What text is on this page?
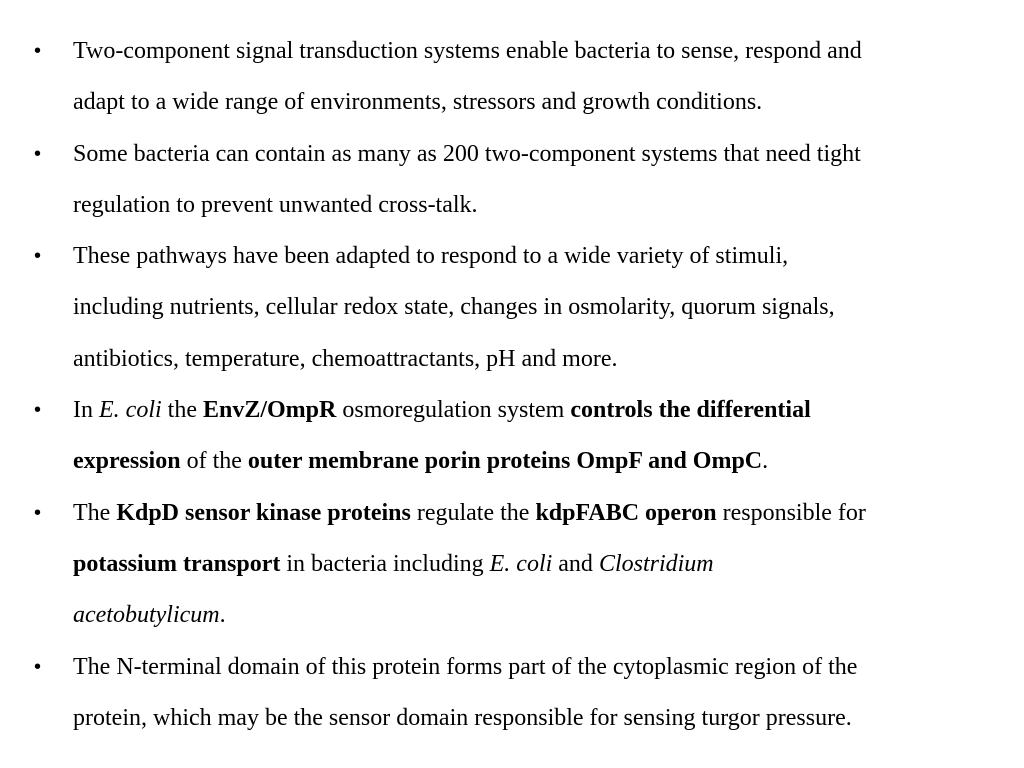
• Two-component signal transduction systems enable bacteria to sense, respond and
adapt to a wide range of environments, stressors and growth conditions.
• Some bacteria can contain as many as 200 two-component systems that need tight
regulation to prevent unwanted cross-talk.
• These pathways have been adapted to respond to a wide variety of stimuli,
including nutrients, cellular redox state, changes in osmolarity, quorum signals,
antibiotics, temperature, chemoattractants, pH and more.
• In E. coli the EnvZ/OmpR osmoregulation system controls the differential
expression of the outer membrane porin proteins OmpF and OmpC.
• The KdpD sensor kinase proteins regulate the kdpFABC operon responsible for
potassium transport in bacteria including E. coli and Clostridium
acetobutylicum.
• The N-terminal domain of this protein forms part of the cytoplasmic region of the
protein, which may be the sensor domain responsible for sensing turgor pressure.
